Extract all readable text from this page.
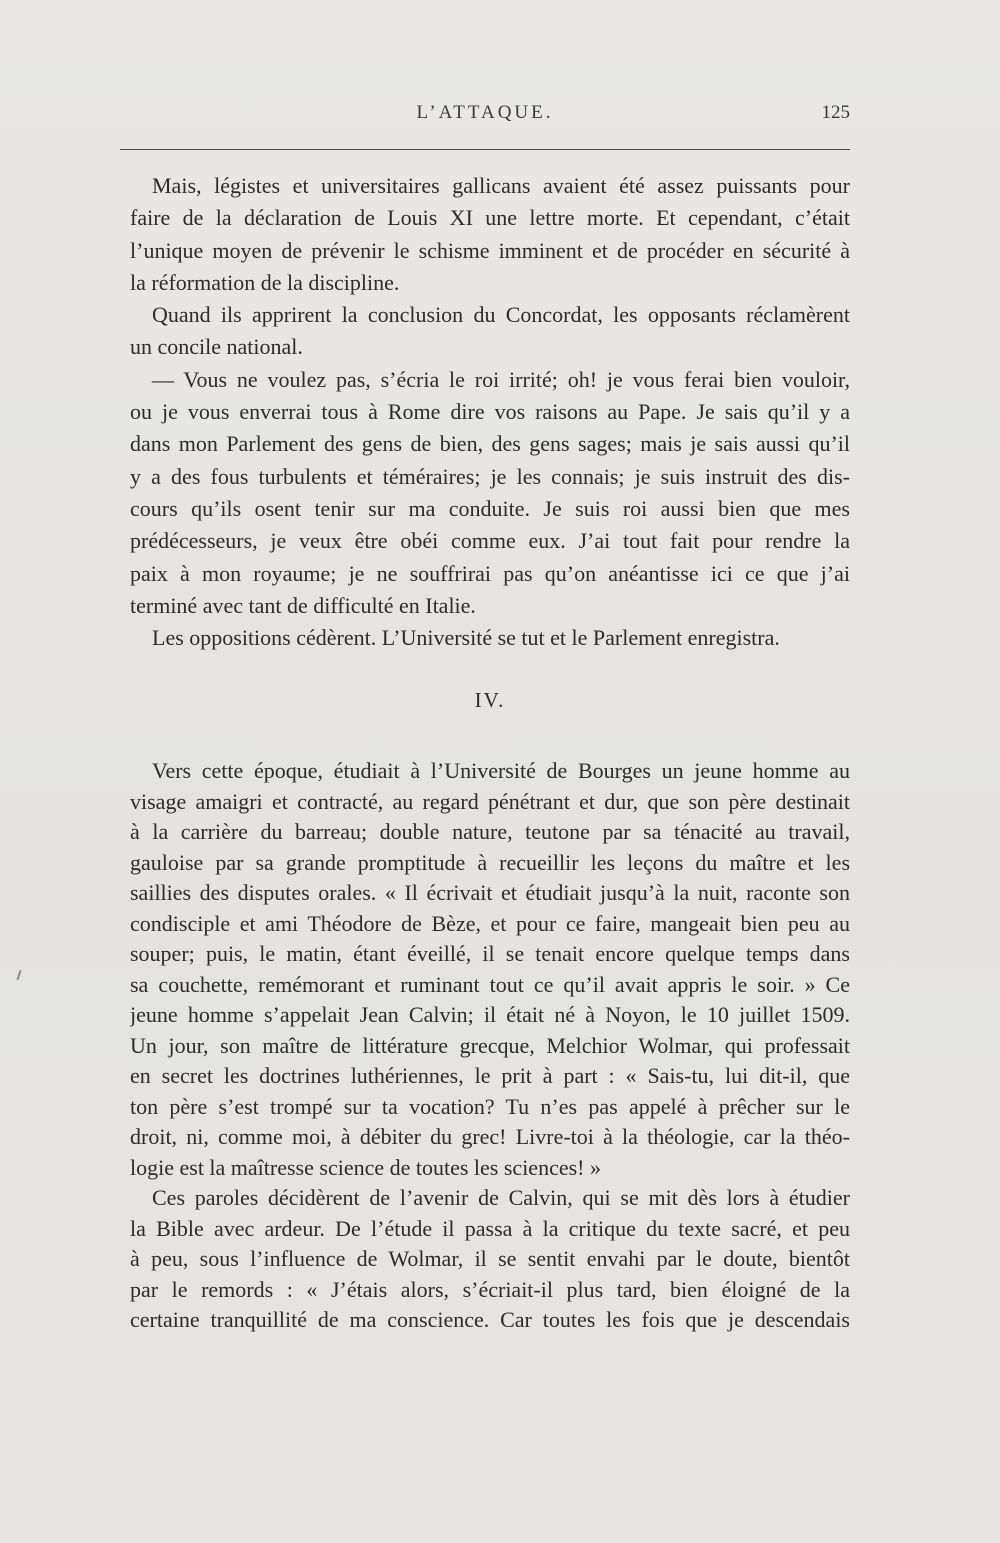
L’ATTAQUE.	125
Mais, légistes et universitaires gallicans avaient été assez puissants pour
faire de la déclaration de Louis XI une lettre morte. Et cependant, c’était
l’unique moyen de prévenir le schisme imminent et de procéder en sécurité à
la réformation de la discipline.
Quand ils apprirent la conclusion du Concordat, les opposants réclamèrent
un concile national.
— Vous ne voulez pas, s’écria le roi irrité; oh! je vous ferai bien vouloir,
ou je vous enverrai tous à Rome dire vos raisons au Pape. Je sais qu’il y a
dans mon Parlement des gens de bien, des gens sages; mais je sais aussi qu’il
y a des fous turbulents et téméraires; je les connais; je suis instruit des dis-
cours qu’ils osent tenir sur ma conduite. Je suis roi aussi bien que mes
prédécesseurs, je veux être obéi comme eux. J’ai tout fait pour rendre la
paix à mon royaume; je ne souffrirai pas qu’on anéantisse ici ce que j’ai
terminé avec tant de difficulté en Italie.
Les oppositions cédèrent. L’Université se tut et le Parlement enregistra.
IV.
Vers cette époque, étudiait à l’Université de Bourges un jeune homme au
visage amaigri et contracté, au regard pénétrant et dur, que son père destinait
à la carrière du barreau; double nature, teutone par sa ténacité au travail,
gauloise par sa grande promptitude à recueillir les leçons du maître et les
saillies des disputes orales. « Il écrivait et étudiait jusqu’à la nuit, raconte son
condisciple et ami Théodore de Bèze, et pour ce faire, mangeait bien peu au
souper; puis, le matin, étant éveillé, il se tenait encore quelque temps dans
sa couchette, remémorant et ruminant tout ce qu’il avait appris le soir. » Ce
jeune homme s’appelait Jean Calvin; il était né à Noyon, le 10 juillet 1509.
Un jour, son maître de littérature grecque, Melchior Wolmar, qui professait
en secret les doctrines luthériennes, le prit à part : « Sais-tu, lui dit-il, que
ton père s’est trompé sur ta vocation? Tu n’es pas appelé à prêcher sur le
droit, ni, comme moi, à débiter du grec! Livre-toi à la théologie, car la théo-
logie est la maîtresse science de toutes les sciences! »
Ces paroles décidèrent de l’avenir de Calvin, qui se mit dès lors à étudier
la Bible avec ardeur. De l’étude il passa à la critique du texte sacré, et peu
à peu, sous l’influence de Wolmar, il se sentit envahi par le doute, bientôt
par le remords : « J’étais alors, s’écriait-il plus tard, bien éloigné de la
certaine tranquillité de ma conscience. Car toutes les fois que je descendais
